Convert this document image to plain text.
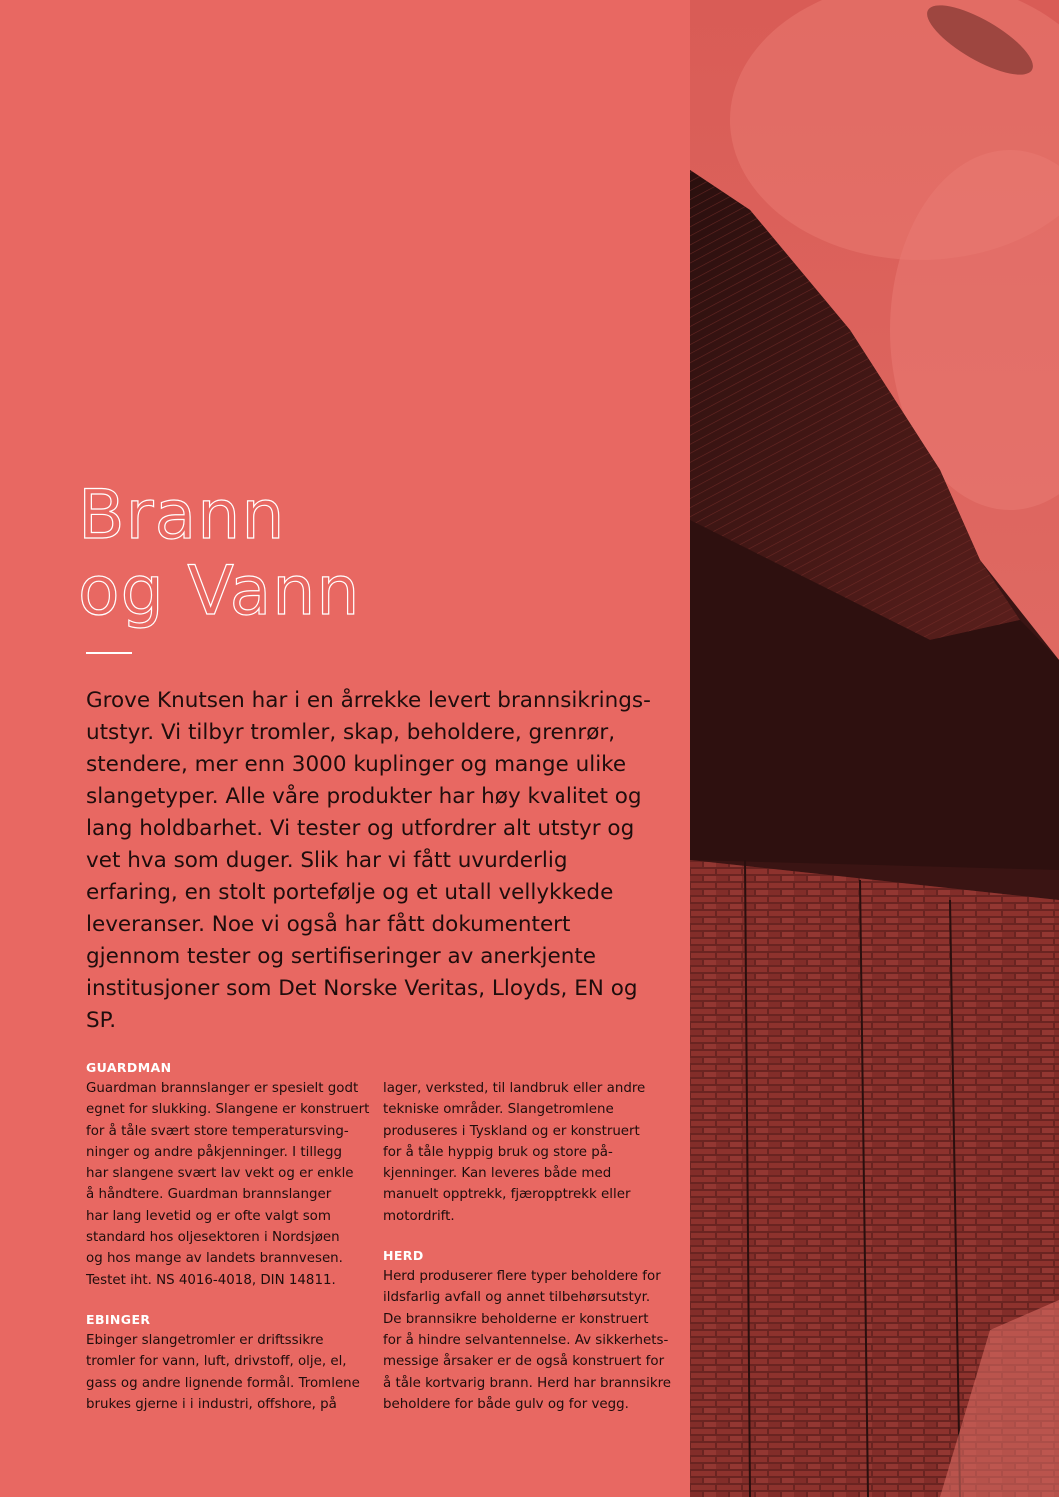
Brann
og Vann

Grove Knutsen har i en årrekke levert brannsikrings-utstyr. Vi tilbyr tromler, skap, beholdere, grenrør, stendere, mer enn 3000 kuplinger og mange ulike slangetyper. Alle våre produkter har høy kvalitet og lang holdbarhet. Vi tester og utfordrer alt utstyr og vet hva som duger. Slik har vi fått uvurderlig erfaring, en stolt portefølje og et utall vellykkede leveranser. Noe vi også har fått dokumentert gjennom tester og sertifiseringer av anerkjente institusjoner som Det Norske Veritas, Lloyds, EN og SP.

GUARDMAN

Guardman brannslanger er spesielt godt
egnet for slukking. Slangene er konstruert
for å tåle svært store temperatursving-
ninger og andre påkjenninger. I tillegg
har slangene svært lav vekt og er enkle
å håndtere. Guardman brannslanger
har lang levetid og er ofte valgt som
standard hos oljesektoren i Nordsjøen
og hos mange av landets brannvesen.
Testet iht. NS 4016-4018, DIN 14811.

EBINGER

Ebinger slangetromler er driftssikre
tromler for vann, luft, drivstoff, olje, el,
gass og andre lignende formål. Tromlene
brukes gjerne i i industri, offshore, på

lager, verksted, til landbruk eller andre
tekniske områder. Slangetromlene
produseres i Tyskland og er konstruert
for å tåle hyppig bruk og store på-
kjenninger. Kan leveres både med
manuelt opptrekk, fjæropptrekk eller
motordrift.

HERD

Herd produserer flere typer beholdere for
ildsfarlig avfall og annet tilbehørsutstyr.
De brannsikre beholderne er konstruert
for å hindre selvantennelse. Av sikkerhets-
messige årsaker er de også konstruert for
å tåle kortvarig brann. Herd har brannsikre
beholdere for både gulv og for vegg.
